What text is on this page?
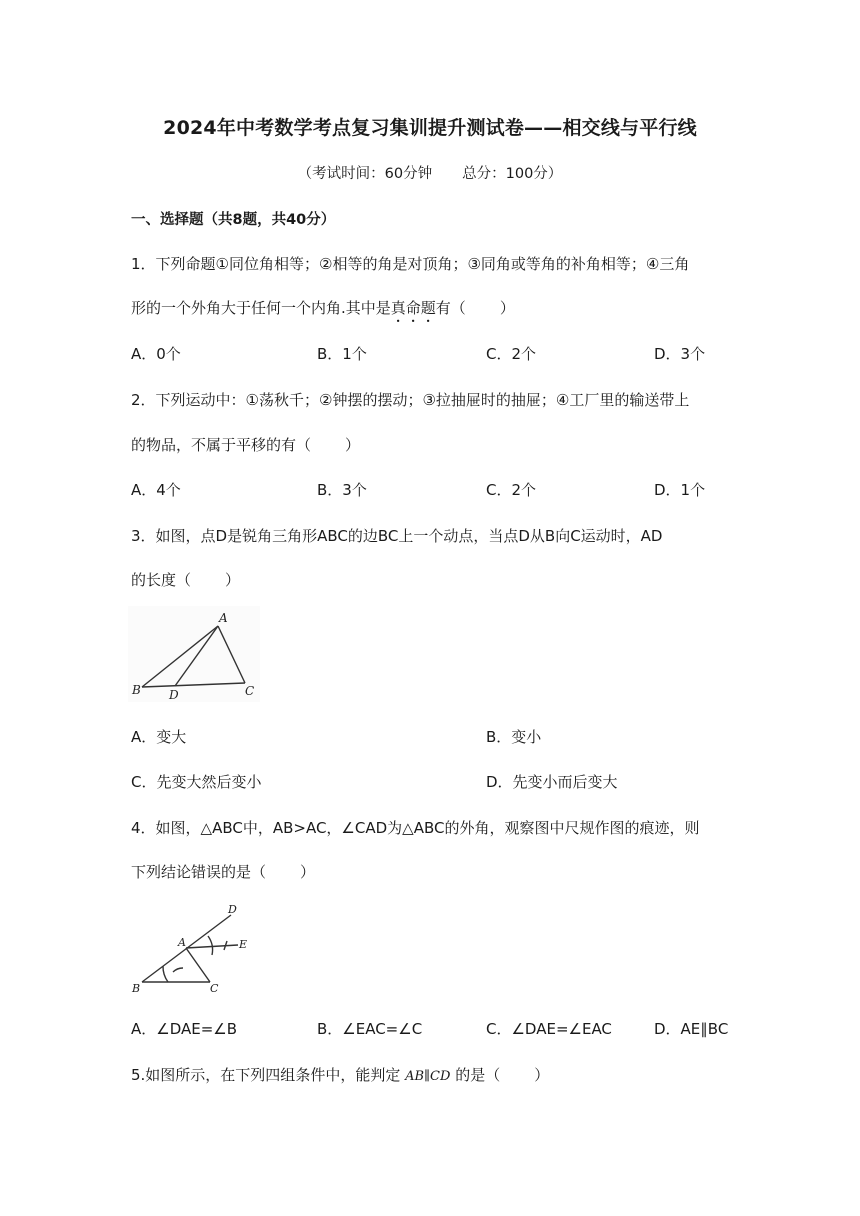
2024年中考数学考点复习集训提升测试卷——相交线与平行线
（考试时间：60分钟 总分：100分）
一、选择题（共8题，共40分）
1．下列命题①同位角相等；②相等的角是对顶角；③同角或等角的补角相等；④三角
形的一个外角大于任何一个内角.其中是真命题有（ ）
A．0个	B．1个	C．2个	D．3个
2．下列运动中：①荡秋千；②钟摆的摆动；③拉抽屉时的抽屉；④工厂里的输送带上
的物品，不属于平移的有（ ）
A．4个	B．3个	C．2个	D．1个
3．如图，点D是锐角三角形ABC的边BC上一个动点，当点D从B向C运动时，AD
的长度（ ）
A
B	C
D
A．变大	B．变小
C．先变大然后变小	D．先变小而后变大
4．如图，△ABC中，AB>AC，∠CAD为△ABC的外角，观察图中尺规作图的痕迹，则
下列结论错误的是（ ）
D
A	E
B	C
A．∠DAE=∠B	B．∠EAC=∠C	C．∠DAE=∠EAC	D．AE∥BC
5.如图所示，在下列四组条件中，能判定 AB∥CD 的是（ ）
